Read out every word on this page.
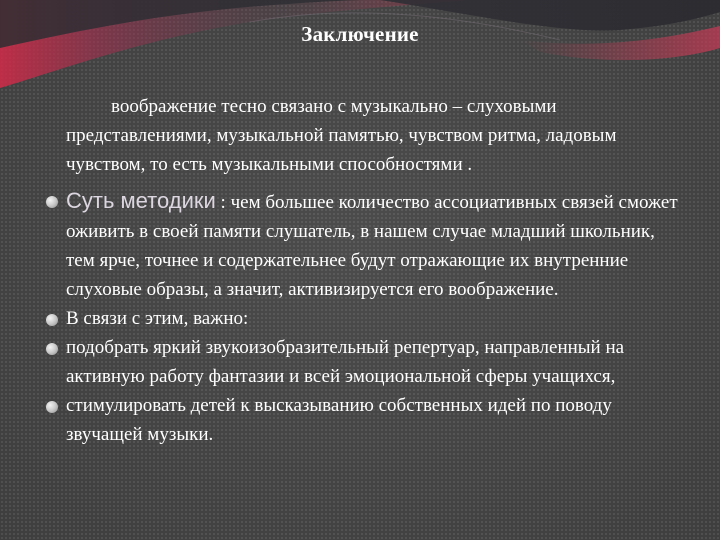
Заключение

воображение тесно связано с музыкально – слуховыми представлениями, музыкальной памятью, чувством ритма, ладовым чувством, то есть музыкальными способностями .

Суть методики : чем большее количество ассоциативных связей сможет оживить в своей памяти слушатель, в нашем случае младший школьник, тем ярче, точнее и содержательнее будут отражающие их внутренние слуховые образы, а значит, активизируется его воображение.
В связи с этим, важно:
подобрать яркий звукоизобразительный репертуар, направленный на активную работу фантазии и всей эмоциональной сферы учащихся,
стимулировать детей к высказыванию собственных идей по поводу звучащей музыки.
